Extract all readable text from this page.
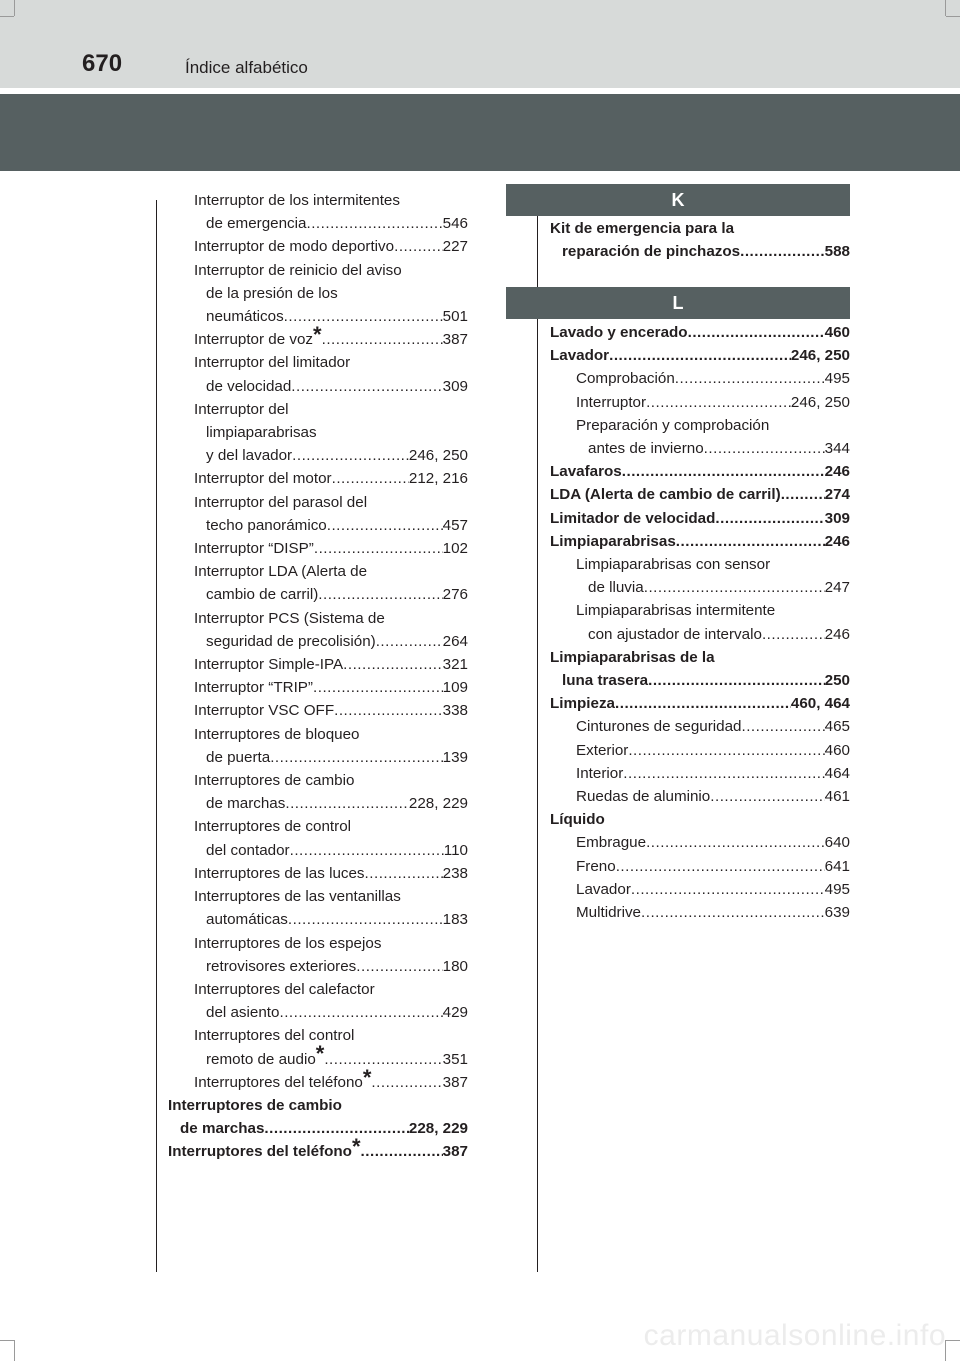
670	Índice alfabético
Interruptor de los intermitentes
de emergencia .....	546
Interruptor de modo deportivo .....	227
Interruptor de reinicio del aviso
de la presión de los
neumáticos .....	501
Interruptor de voz* .....	387
Interruptor del limitador
de velocidad .....	309
Interruptor del
limpiaparabrisas
y del lavador .....	246, 250
Interruptor del motor .....	212, 216
Interruptor del parasol del
techo panorámico .....	457
Interruptor “DISP” .....	102
Interruptor LDA (Alerta de
cambio de carril) .....	276
Interruptor PCS (Sistema de
seguridad de precolisión) .....	264
Interruptor Simple-IPA .....	321
Interruptor “TRIP” .....	109
Interruptor VSC OFF .....	338
Interruptores de bloqueo
de puerta .....	139
Interruptores de cambio
de marchas .....	228, 229
Interruptores de control
del contador .....	110
Interruptores de las luces .....	238
Interruptores de las ventanillas
automáticas .....	183
Interruptores de los espejos
retrovisores exteriores .....	180
Interruptores del calefactor
del asiento .....	429
Interruptores del control
remoto de audio* .....	351
Interruptores del teléfono* .....	387
Interruptores de cambio
de marchas .....	228, 229
Interruptores del teléfono* .....	387
K
Kit de emergencia para la
reparación de pinchazos .....	588
L
Lavado y encerado .....	460
Lavador .....	246, 250
Comprobación .....	495
Interruptor .....	246, 250
Preparación y comprobación
antes de invierno .....	344
Lavafaros .....	246
LDA (Alerta de cambio de carril) .....	274
Limitador de velocidad .....	309
Limpiaparabrisas .....	246
Limpiaparabrisas con sensor
de lluvia .....	247
Limpiaparabrisas intermitente
con ajustador de intervalo .....	246
Limpiaparabrisas de la
luna trasera .....	250
Limpieza .....	460, 464
Cinturones de seguridad .....	465
Exterior .....	460
Interior .....	464
Ruedas de aluminio .....	461
Líquido
Embrague .....	640
Freno .....	641
Lavador .....	495
Multidrive .....	639
carmanualsonline.info
